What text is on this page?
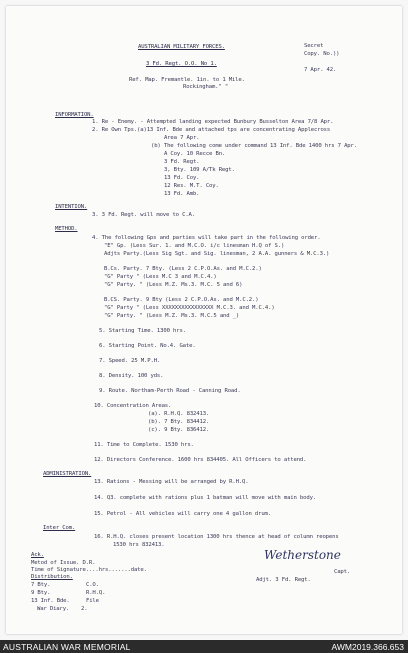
AUSTRALIAN MILITARY FORCES.	Secret
Copy. No.))
3 Fd. Regt. O.O. No 1.
7 Apr. 42.
Ref. Map. Fremantle. 1in. to 1 Mile.
Rockingham." "
INFORMATION.
1. Re - Enemy. - Attempted landing expected Bunbury Busselton Area 7/8 Apr.
2. Re Own Tps.(a)13 Inf. Bde and attached tps are concentrating Applecross
Area 7 Apr.
(b) The following come under command 13 Inf. Bde 1400 hrs 7 Apr.
A Coy. 10 Recce Bn.
3 Fd. Regt.
3, Bty. 109 A/Tk Regt.
13 Fd. Coy.
12 Res. M.T. Coy.
13 Fd. Amb.
INTENTION.
3. 3 Fd. Regt. will move to C.A.
METHOD.
4. The following Gps and parties will take part in the following order.
"E" Gp. (Less Sur. 1. and M.C.O. i/c linesman H.Q of S.)
Adjts Party.(Less Sig Sgt. and Sig. linesman, 2 A.A. gunners & M.C.3.)
B.Cs. Party. 7 Bty. (Less 2 C.P.O.As. and M.C.2.)
"G" Party " (Less M.C 3 and M.C.4.)
"G" Party. " (Less M.Z. Ms.3. M.C. 5 and 6)
B.CS. Party. 9 Bty (Less 2 C.P.O.As. and M.C.2.)
"G" Party " (Less XXXXXXXXXXXXXXXX M.C.3. and M.C.4.)
"G" Party. " (Less M.Z. Ms.3. M.C.5 and _)
5. Starting Time. 1300 hrs.
6. Starting Point. No.4. Gate.
7. Speed. 25 M.P.H.
8. Density. 100 yds.
9. Route. Northam-Perth Road - Canning Road.
10. Concentration Areas.
(a). R.H.Q. 832413.
(b). 7 Bty. 834412.
(c). 9 Bty. 836412.
11. Time to Complete. 1530 hrs.
12. Directors Conference. 1600 hrs 834405. All Officers to attend.
ADMINISTRATION.
13. Rations - Messing will be arranged by R.H.Q.
14. Q3. complete with rations plus 1 batman will move with main body.
15. Petrol - All vehicles will carry one 4 gallon drum.
Inter Com.
16. R.H.Q. closes present location 1300 hrs thence at head of column reopens
1530 hrs 832413.
Ack.
Metod of Issue. D.R.
Time of Signature....hrs.......date.
Distribution.
7 Bty.
9 Bty.
13 Inf. Bde.
War Diary.
C.O.
R.H.Q.
File
2.
Wetherstone
Capt.
Adjt. 3 Fd. Regt.
AUSTRALIAN WAR MEMORIAL	AWM2019.366.653
